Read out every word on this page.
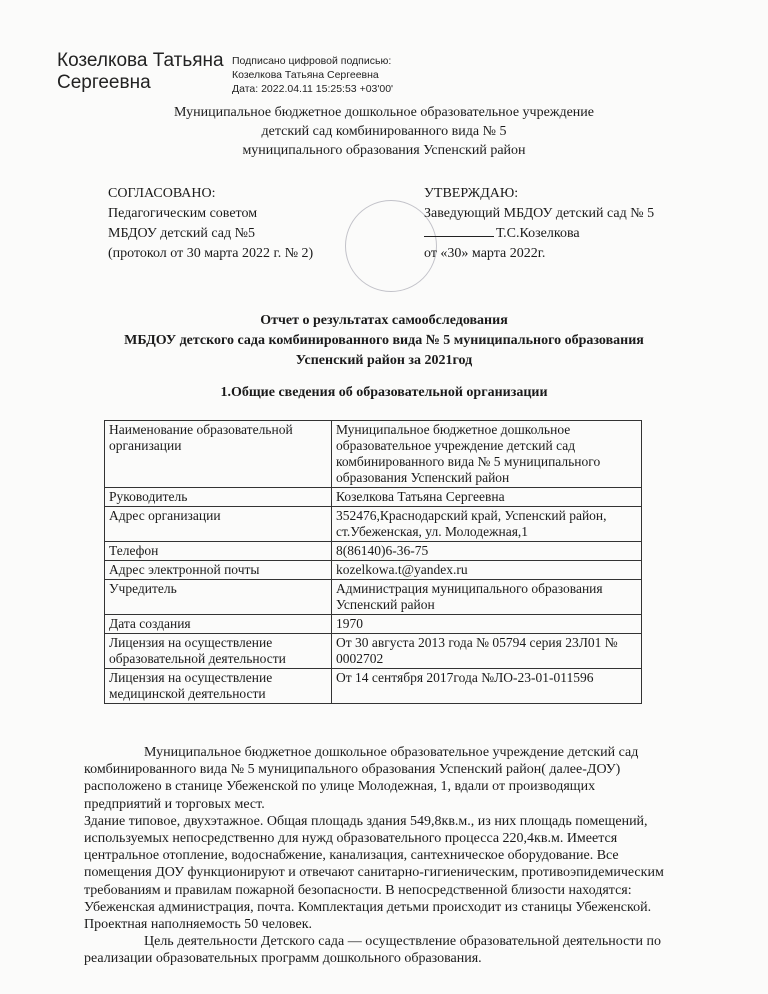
Козелкова Татьяна Сергеевна
Подписано цифровой подписью:
Козелкова Татьяна Сергеевна
Дата: 2022.04.11 15:25:53 +03'00'
Муниципальное бюджетное дошкольное образовательное учреждение
детский сад комбинированного вида № 5
муниципального образования Успенский район
СОГЛАСОВАНО:
Педагогическим советом
МБДОУ детский сад №5
(протокол от 30 марта 2022 г. № 2)
УТВЕРЖДАЮ:
Заведующий МБДОУ детский сад № 5
Т.С.Козелкова
от «30» марта 2022г.
Отчет о результатах самообследования
МБДОУ детского сада комбинированного вида № 5 муниципального образования
Успенский район за 2021год
1.Общие сведения об образовательной организации
Наименование образовательной организации	Муниципальное бюджетное дошкольное образовательное учреждение детский сад комбинированного вида № 5 муниципального образования Успенский район
Руководитель	Козелкова Татьяна Сергеевна
Адрес организации	352476,Краснодарский край, Успенский район, ст.Убеженская, ул. Молодежная,1
Телефон	8(86140)6-36-75
Адрес электронной почты	kozelkowa.t@yandex.ru
Учредитель	Администрация муниципального образования Успенский район
Дата создания	1970
Лицензия на осуществление образовательной деятельности	От 30 августа 2013 года № 05794 серия 23Л01 № 0002702
Лицензия на осуществление медицинской деятельности	От 14 сентября 2017года №ЛО-23-01-011596

Муниципальное бюджетное дошкольное образовательное учреждение детский сад комбинированного вида № 5 муниципального образования Успенский район( далее-ДОУ) расположено в станице Убеженской по улице Молодежная, 1, вдали от производящих предприятий и торговых мест.

Здание типовое, двухэтажное. Общая площадь здания 549,8кв.м., из них площадь помещений, используемых непосредственно для нужд образовательного процесса 220,4кв.м. Имеется центральное отопление, водоснабжение, канализация, сантехническое оборудование. Все помещения ДОУ функционируют и отвечают санитарно-гигиеническим, противоэпидемическим требованиям и правилам пожарной безопасности. В непосредственной близости находятся: Убеженская администрация, почта. Комплектация детьми происходит из станицы Убеженской. Проектная наполняемость 50 человек.

Цель деятельности Детского сада — осуществление образовательной деятельности по реализации образовательных программ дошкольного образования.
